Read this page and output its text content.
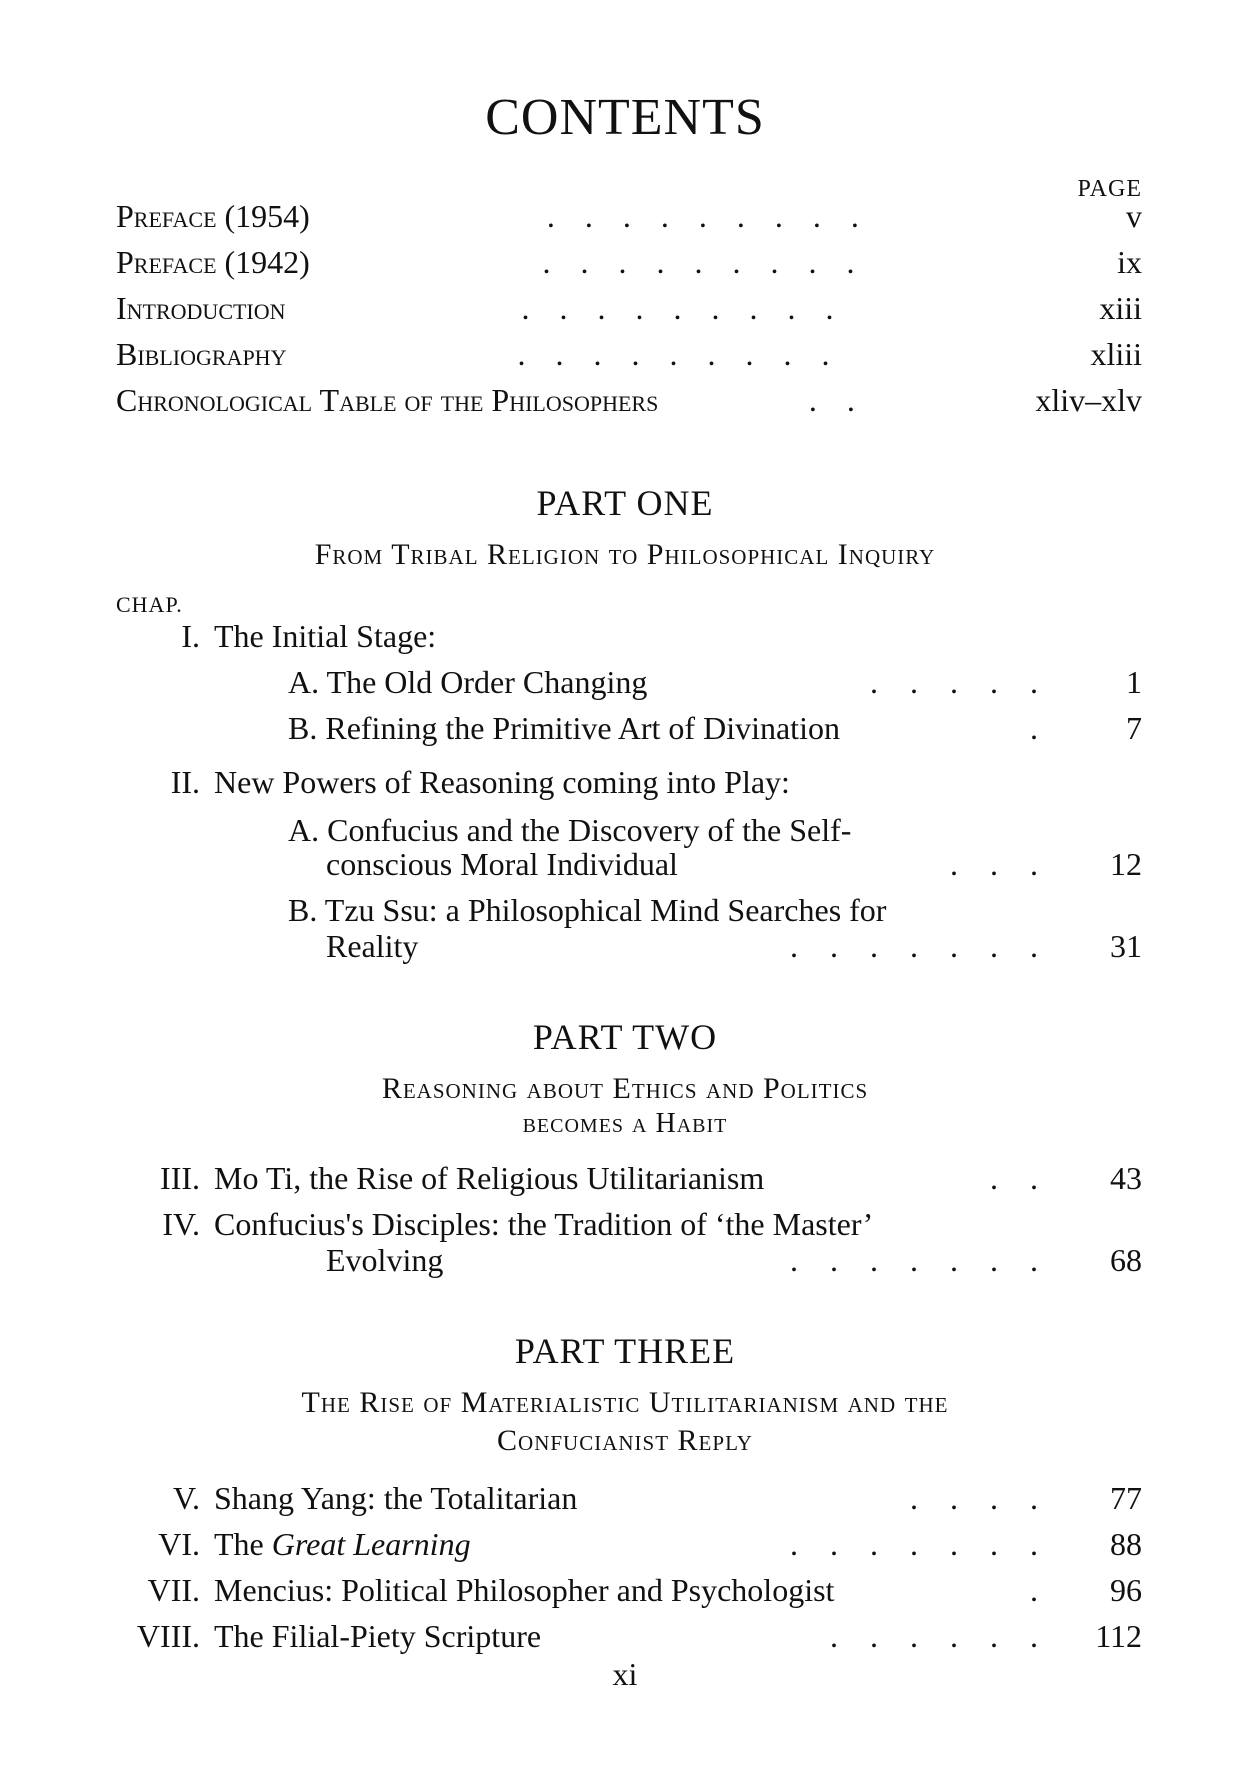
CONTENTS
PAGE
Preface (1954)	.........	v
Preface (1942)	.........	ix
Introduction	.........	xiii
Bibliography	.........	xliii
Chronological Table of the Philosophers	..	xliv–xlv
PART ONE
From Tribal Religion to Philosophical Inquiry
CHAP.
I. The Initial Stage:
A. The Old Order Changing	.....	1
B. Refining the Primitive Art of Divination	.	7
II. New Powers of Reasoning coming into Play:
A. Confucius and the Discovery of the Self-
conscious Moral Individual	...	12
B. Tzu Ssu: a Philosophical Mind Searches for
Reality	.......	31
PART TWO
Reasoning about Ethics and Politics
becomes a Habit
III. Mo Ti, the Rise of Religious Utilitarianism	..	43
IV. Confucius's Disciples: the Tradition of ‘the Master’
Evolving	.......	68
PART THREE
The Rise of Materialistic Utilitarianism and the
Confucianist Reply
V. Shang Yang: the Totalitarian	....	77
VI. The Great Learning	.......	88
VII. Mencius: Political Philosopher and Psychologist	.	96
VIII. The Filial-Piety Scripture	...... 112
xi
